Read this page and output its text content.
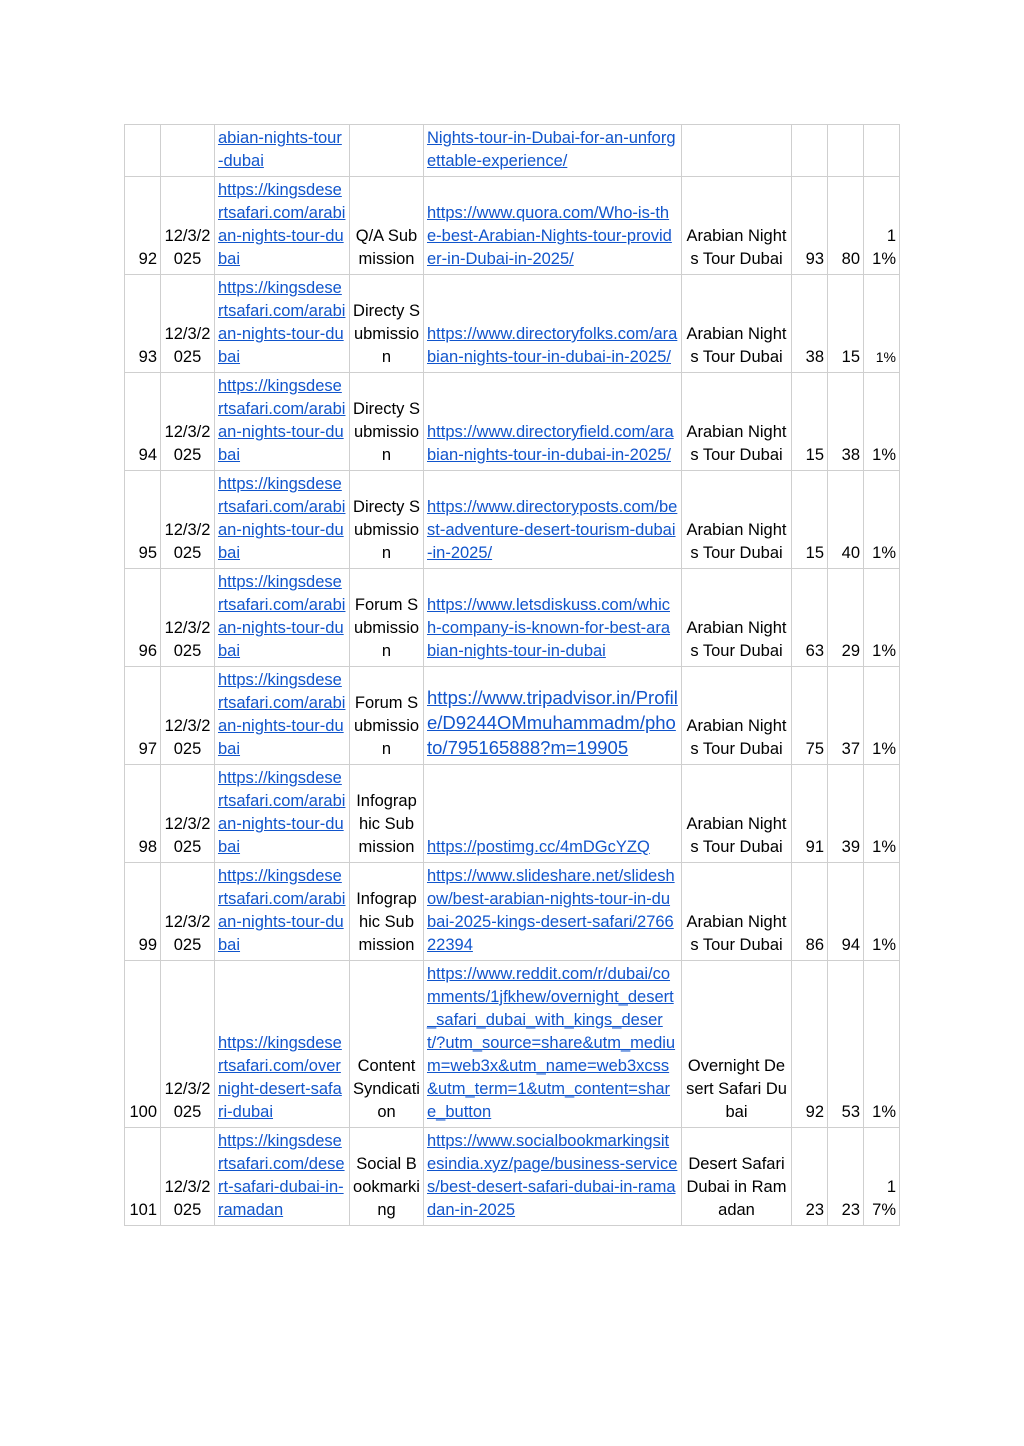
		abian-nights-tour-dubai		Nights-tour-in-Dubai-for-an-unforgettable-experience/				
92	12/3/2025	https://kingsdesertsafari.com/arabian-nights-tour-dubai	Q/A Submission	https://www.quora.com/Who-is-the-best-Arabian-Nights-tour-provider-in-Dubai-in-2025/	Arabian Nights Tour Dubai	93	80	11%
93	12/3/2025	https://kingsdesertsafari.com/arabian-nights-tour-dubai	Directy Submission	https://www.directoryfolks.com/arabian-nights-tour-in-dubai-in-2025/	Arabian Nights Tour Dubai	38	15	1%
94	12/3/2025	https://kingsdesertsafari.com/arabian-nights-tour-dubai	Directy Submission	https://www.directoryfield.com/arabian-nights-tour-in-dubai-in-2025/	Arabian Nights Tour Dubai	15	38	1%
95	12/3/2025	https://kingsdesertsafari.com/arabian-nights-tour-dubai	Directy Submission	https://www.directoryposts.com/best-adventure-desert-tourism-dubai-in-2025/	Arabian Nights Tour Dubai	15	40	1%
96	12/3/2025	https://kingsdesertsafari.com/arabian-nights-tour-dubai	Forum Submission	https://www.letsdiskuss.com/which-company-is-known-for-best-arabian-nights-tour-in-dubai	Arabian Nights Tour Dubai	63	29	1%
97	12/3/2025	https://kingsdesertsafari.com/arabian-nights-tour-dubai	Forum Submission	https://www.tripadvisor.in/Profile/D9244OMmuhammadm/photo/795165888?m=19905	Arabian Nights Tour Dubai	75	37	1%
98	12/3/2025	https://kingsdesertsafari.com/arabian-nights-tour-dubai	Infographic Submission	https://postimg.cc/4mDGcYZQ	Arabian Nights Tour Dubai	91	39	1%
99	12/3/2025	https://kingsdesertsafari.com/arabian-nights-tour-dubai	Infographic Submission	https://www.slideshare.net/slideshow/best-arabian-nights-tour-in-dubai-2025-kings-desert-safari/276622394	Arabian Nights Tour Dubai	86	94	1%
100	12/3/2025	https://kingsdesertsafari.com/overnight-desert-safari-dubai	Content Syndication	https://www.reddit.com/r/dubai/comments/1jfkhew/overnight_desert_safari_dubai_with_kings_desert/?utm_source=share&utm_medium=web3x&utm_name=web3xcss&utm_term=1&utm_content=share_button	Overnight Desert Safari Dubai	92	53	1%
101	12/3/2025	https://kingsdesertsafari.com/desert-safari-dubai-in-ramadan	Social Bookmarking	https://www.socialbookmarkingsitesindia.xyz/page/business-services/best-desert-safari-dubai-in-ramadan-in-2025	Desert Safari Dubai in Ramadan	23	23	17%
